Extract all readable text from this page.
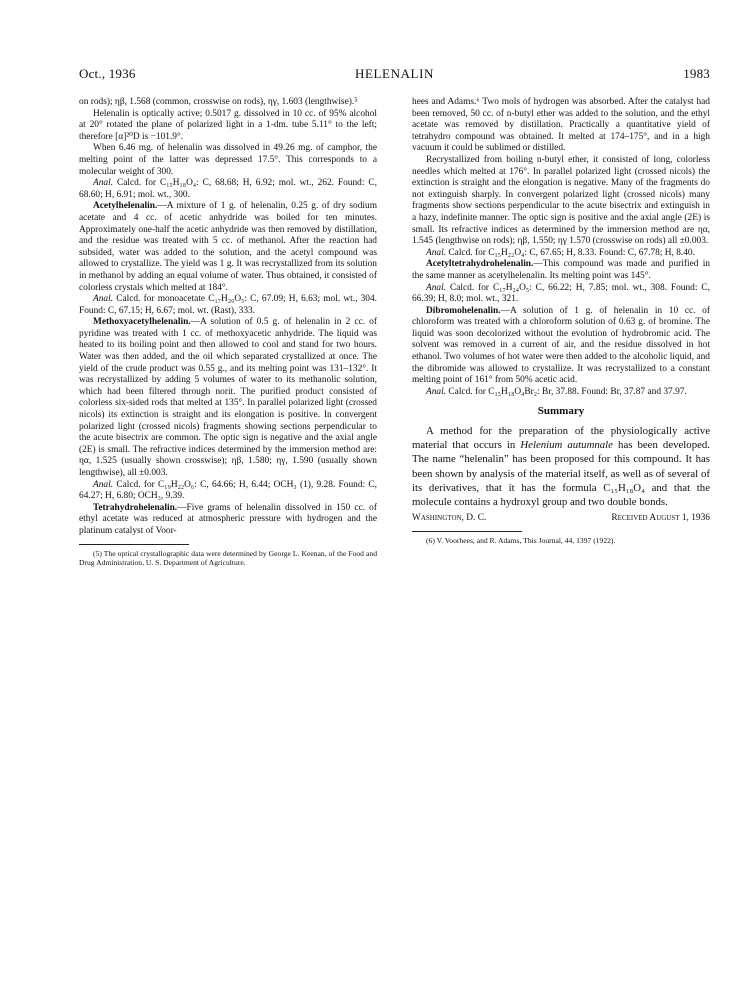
Oct., 1936	HELENALIN	1983

on rods); ηβ, 1.568 (common, crosswise on rods), ηγ, 1.603 (lengthwise).⁵

Helenalin is optically active; 0.5017 g. dissolved in 10 cc. of 95% alcohol at 20° rotated the plane of polarized light in a 1-dm. tube 5.11° to the left; therefore [α]²⁰D is −101.9°.

When 6.46 mg. of helenalin was dissolved in 49.26 mg. of camphor, the melting point of the latter was depressed 17.5°. This corresponds to a molecular weight of 300.

Anal. Calcd. for C₁₅H₁₈O₄: C, 68.68; H, 6.92; mol. wt., 262. Found: C, 68.60; H, 6.91; mol. wt., 300.

Acetylhelenalin.—A mixture of 1 g. of helenalin, 0.25 g. of dry sodium acetate and 4 cc. of acetic anhydride was boiled for ten minutes. Approximately one-half the acetic anhydride was then removed by distillation, and the residue was treated with 5 cc. of methanol. After the reaction had subsided, water was added to the solution, and the acetyl compound was allowed to crystallize. The yield was 1 g. It was recrystallized from its solution in methanol by adding an equal volume of water. Thus obtained, it consisted of colorless crystals which melted at 184°.

Anal. Calcd. for monoacetate C₁₇H₂₀O₅: C, 67.09; H, 6.63; mol. wt., 304. Found: C, 67.15; H, 6.67; mol. wt. (Rast), 333.

Methoxyacetylhelenalin.—A solution of 0.5 g. of helenalin in 2 cc. of pyridine was treated with 1 cc. of methoxyacetic anhydride. The liquid was heated to its boiling point and then allowed to cool and stand for two hours. Water was then added, and the oil which separated crystallized at once. The yield of the crude product was 0.55 g., and its melting point was 131–132°. It was recrystallized by adding 5 volumes of water to its methanolic solution, which had been filtered through norit. The purified product consisted of colorless six-sided rods that melted at 135°. In parallel polarized light (crossed nicols) its extinction is straight and its elongation is positive. In convergent polarized light (crossed nicols) fragments showing sections perpendicular to the acute bisectrix are common. The optic sign is negative and the axial angle (2E) is small. The refractive indices determined by the immersion method are: ηα, 1.525 (usually shown crosswise); ηβ, 1.580; ηγ, 1.590 (usually shown lengthwise), all ±0.003.

Anal. Calcd. for C₁₉H₂₂O₆: C, 64.66; H, 6.44; OCH₃ (1), 9.28. Found: C, 64.27; H, 6.80; OCH₃, 9.39.

Tetrahydrohelenalin.—Five grams of helenalin dissolved in 150 cc. of ethyl acetate was reduced at atmospheric pressure with hydrogen and the platinum catalyst of Voor-

(5) The optical crystallographic data were determined by George L. Keenan, of the Food and Drug Administration, U. S. Department of Agriculture.

hees and Adams.⁶ Two mols of hydrogen was absorbed. After the catalyst had been removed, 50 cc. of n-butyl ether was added to the solution, and the ethyl acetate was removed by distillation. Practically a quantitative yield of tetrahydro compound was obtained. It melted at 174–175°, and in a high vacuum it could be sublimed or distilled.

Recrystallized from boiling n-butyl ether, it consisted of long, colorless needles which melted at 176°. In parallel polarized light (crossed nicols) the extinction is straight and the elongation is negative. Many of the fragments do not extinguish sharply. In convergent polarized light (crossed nicols) many fragments show sections perpendicular to the acute bisectrix and extinguish in a hazy, indefinite manner. The optic sign is positive and the axial angle (2E) is small. Its refractive indices as determined by the immersion method are ηα, 1.545 (lengthwise on rods); ηβ, 1.550; ηγ 1.570 (crosswise on rods) all ±0.003.

Anal. Calcd. for C₁₅H₂₂O₄: C, 67.65; H, 8.33. Found: C, 67.78; H, 8.40.

Acetyltetrahydrohelenalin.—This compound was made and purified in the same manner as acetylhelenalin. Its melting point was 145°.

Anal. Calcd. for C₁₇H₂₄O₅: C, 66.22; H, 7.85; mol. wt., 308. Found: C, 66.39; H, 8.0; mol. wt., 321.

Dibromohelenalin.—A solution of 1 g. of helenalin in 10 cc. of chloroform was treated with a chloroform solution of 0.63 g. of bromine. The liquid was soon decolorized without the evolution of hydrobromic acid. The solvent was removed in a current of air, and the residue dissolved in hot ethanol. Two volumes of hot water were then added to the alcoholic liquid, and the dibromide was allowed to crystallize. It was recrystallized to a constant melting point of 161° from 50% acetic acid.

Anal. Calcd. for C₁₅H₁₈O₄Br₂: Br, 37.88. Found: Br, 37.87 and 37.97.

Summary

A method for the preparation of the physiologically active material that occurs in Helenium autumnale has been developed. The name “helenalin” has been proposed for this compound. It has been shown by analysis of the material itself, as well as of several of its derivatives, that it has the formula C₁₅H₁₈O₄ and that the molecule contains a hydroxyl group and two double bonds.

Washington, D. C.	Received August 1, 1936

(6) V. Voorhees, and R. Adams, This Journal, 44, 1397 (1922).
